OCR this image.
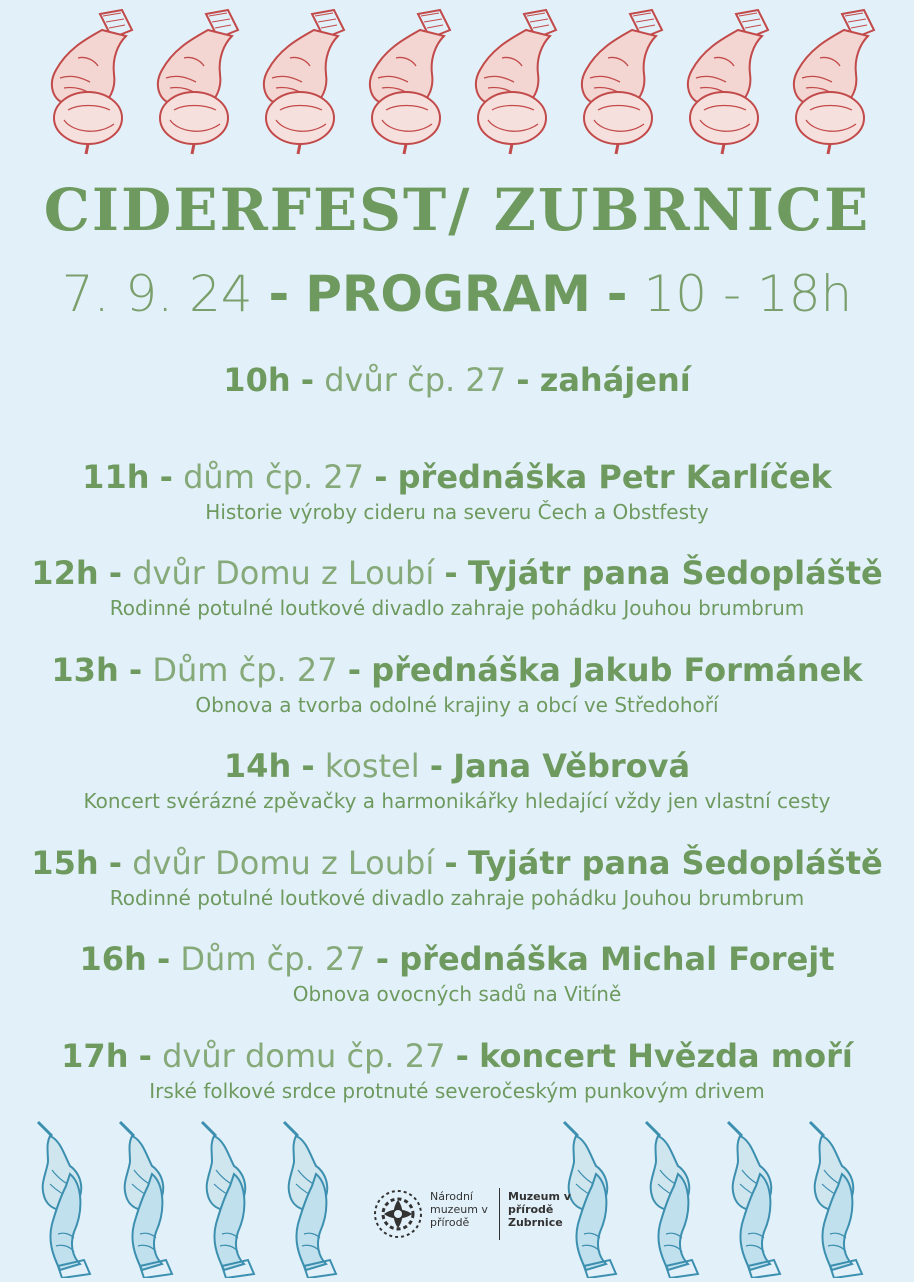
CIDERFEST/ ZUBRNICE
7. 9. 24 - PROGRAM - 10 - 18h
10h - dvůr čp. 27 - zahájení
11h - dům čp. 27 - přednáška Petr Karlíček
Historie výroby cideru na severu Čech a Obstfesty
12h - dvůr Domu z Loubí - Tyjátr pana Šedopláště
Rodinné potulné loutkové divadlo zahraje pohádku Jouhou brumbrum
13h - Dům čp. 27 - přednáška Jakub Formánek
Obnova a tvorba odolné krajiny a obcí ve Středohoří
14h - kostel - Jana Věbrová
Koncert svérázné zpěvačky a harmonikářky hledající vždy jen vlastní cesty
15h - dvůr Domu z Loubí - Tyjátr pana Šedopláště
Rodinné potulné loutkové divadlo zahraje pohádku Jouhou brumbrum
16h - Dům čp. 27 - přednáška Michal Forejt
Obnova ovocných sadů na Vitíně
17h - dvůr domu čp. 27 - koncert Hvězda moří
Irské folkové srdce protnuté severočeským punkovým drivem
Národní muzeum v přírodě
Muzeum v přírodě Zubrnice
